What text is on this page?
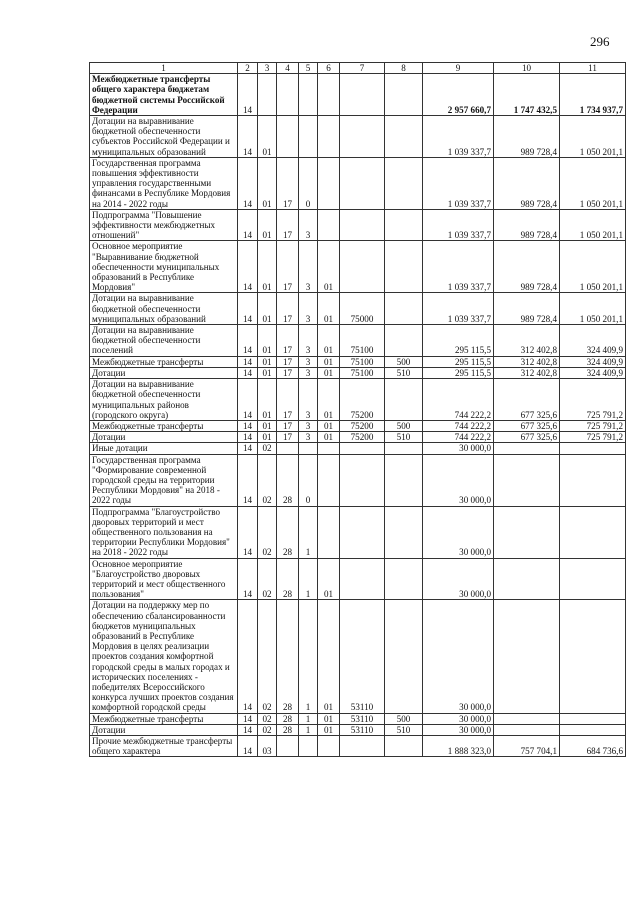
296
1	2	3	4	5	6	7	8	9	10	11
Межбюджетные трансферты общего характера бюджетам бюджетной системы Российской Федерации	14							2 957 660,7	1 747 432,5	1 734 937,7
Дотации на выравнивание бюджетной обеспеченности субъектов Российской Федерации и муниципальных образований	14	01						1 039 337,7	989 728,4	1 050 201,1
Государственная программа повышения эффективности управления государственными финансами в Республике Мордовия на 2014 - 2022 годы	14	01	17	0				1 039 337,7	989 728,4	1 050 201,1
Подпрограмма "Повышение эффективности межбюджетных отношений"	14	01	17	3				1 039 337,7	989 728,4	1 050 201,1
Основное мероприятие "Выравнивание бюджетной обеспеченности муниципальных образований в Республике Мордовия"	14	01	17	3	01			1 039 337,7	989 728,4	1 050 201,1
Дотации на выравнивание бюджетной обеспеченности муниципальных образований	14	01	17	3	01	75000		1 039 337,7	989 728,4	1 050 201,1
Дотации на выравнивание бюджетной обеспеченности поселений	14	01	17	3	01	75100		295 115,5	312 402,8	324 409,9
Межбюджетные трансферты	14	01	17	3	01	75100	500	295 115,5	312 402,8	324 409,9
Дотации	14	01	17	3	01	75100	510	295 115,5	312 402,8	324 409,9
Дотации на выравнивание бюджетной обеспеченности муниципальных районов (городского округа)	14	01	17	3	01	75200		744 222,2	677 325,6	725 791,2
Межбюджетные трансферты	14	01	17	3	01	75200	500	744 222,2	677 325,6	725 791,2
Дотации	14	01	17	3	01	75200	510	744 222,2	677 325,6	725 791,2
Иные дотации	14	02						30 000,0		
Государственная программа "Формирование современной городской среды на территории Республики Мордовия" на 2018 - 2022 годы	14	02	28	0				30 000,0		
Подпрограмма "Благоустройство дворовых территорий и мест общественного пользования на территории Республики Мордовия" на 2018 - 2022 годы	14	02	28	1				30 000,0		
Основное мероприятие "Благоустройство дворовых территорий и мест общественного пользования"	14	02	28	1	01			30 000,0		
Дотации на поддержку мер по обеспечению сбалансированности бюджетов муниципальных образований в Республике Мордовия в целях реализации проектов создания комфортной городской среды в малых городах и исторических поселениях - победителях Всероссийского конкурса лучших проектов создания комфортной городской среды	14	02	28	1	01	53110		30 000,0		
Межбюджетные трансферты	14	02	28	1	01	53110	500	30 000,0		
Дотации	14	02	28	1	01	53110	510	30 000,0		
Прочие межбюджетные трансферты общего характера	14	03						1 888 323,0	757 704,1	684 736,6
